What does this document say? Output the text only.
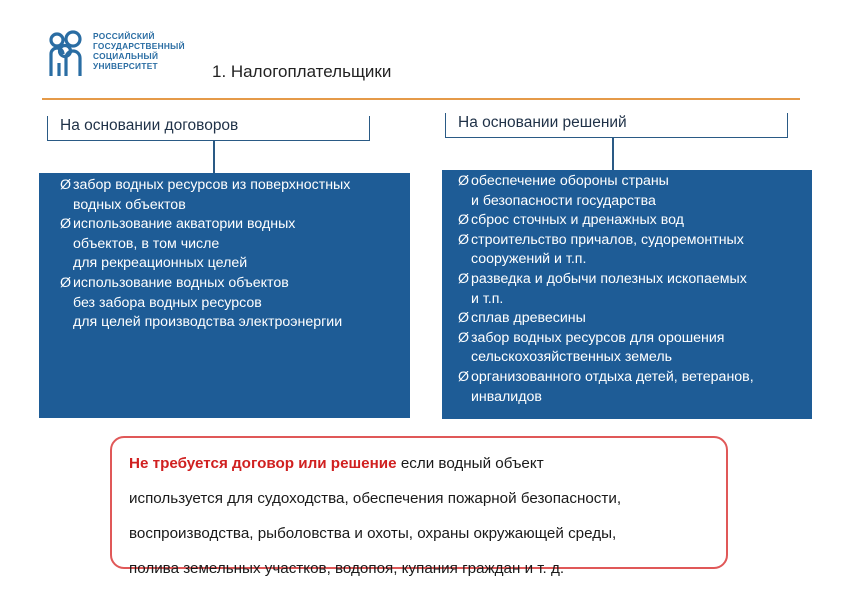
РОССИЙСКИЙ
ГОСУДАРСТВЕННЫЙ
СОЦИАЛЬНЫЙ
УНИВЕРСИТЕТ	1. Налогоплательщики
На основании договоров	На основании решений
Ø забор водных ресурсов из поверхностных
водных объектов
Ø использование акватории водных
объектов, в том числе
для рекреационных целей
Ø использование водных объектов
без забора водных ресурсов
для целей производства электроэнергии
Ø обеспечение обороны страны
и безопасности государства
Ø сброс сточных и дренажных вод
Ø строительство причалов, судоремонтных
сооружений и т.п.
Ø разведка и добычи полезных ископаемых
и т.п.
Ø сплав древесины
Ø забор водных ресурсов для орошения
сельскохозяйственных земель
Ø организованного отдыха детей, ветеранов,
инвалидов
Не требуется договор или решение если водный объект
используется для судоходства, обеспечения пожарной безопасности,
воспроизводства, рыболовства и охоты, охраны окружающей среды,
полива земельных участков, водопоя, купания граждан и т. д.
